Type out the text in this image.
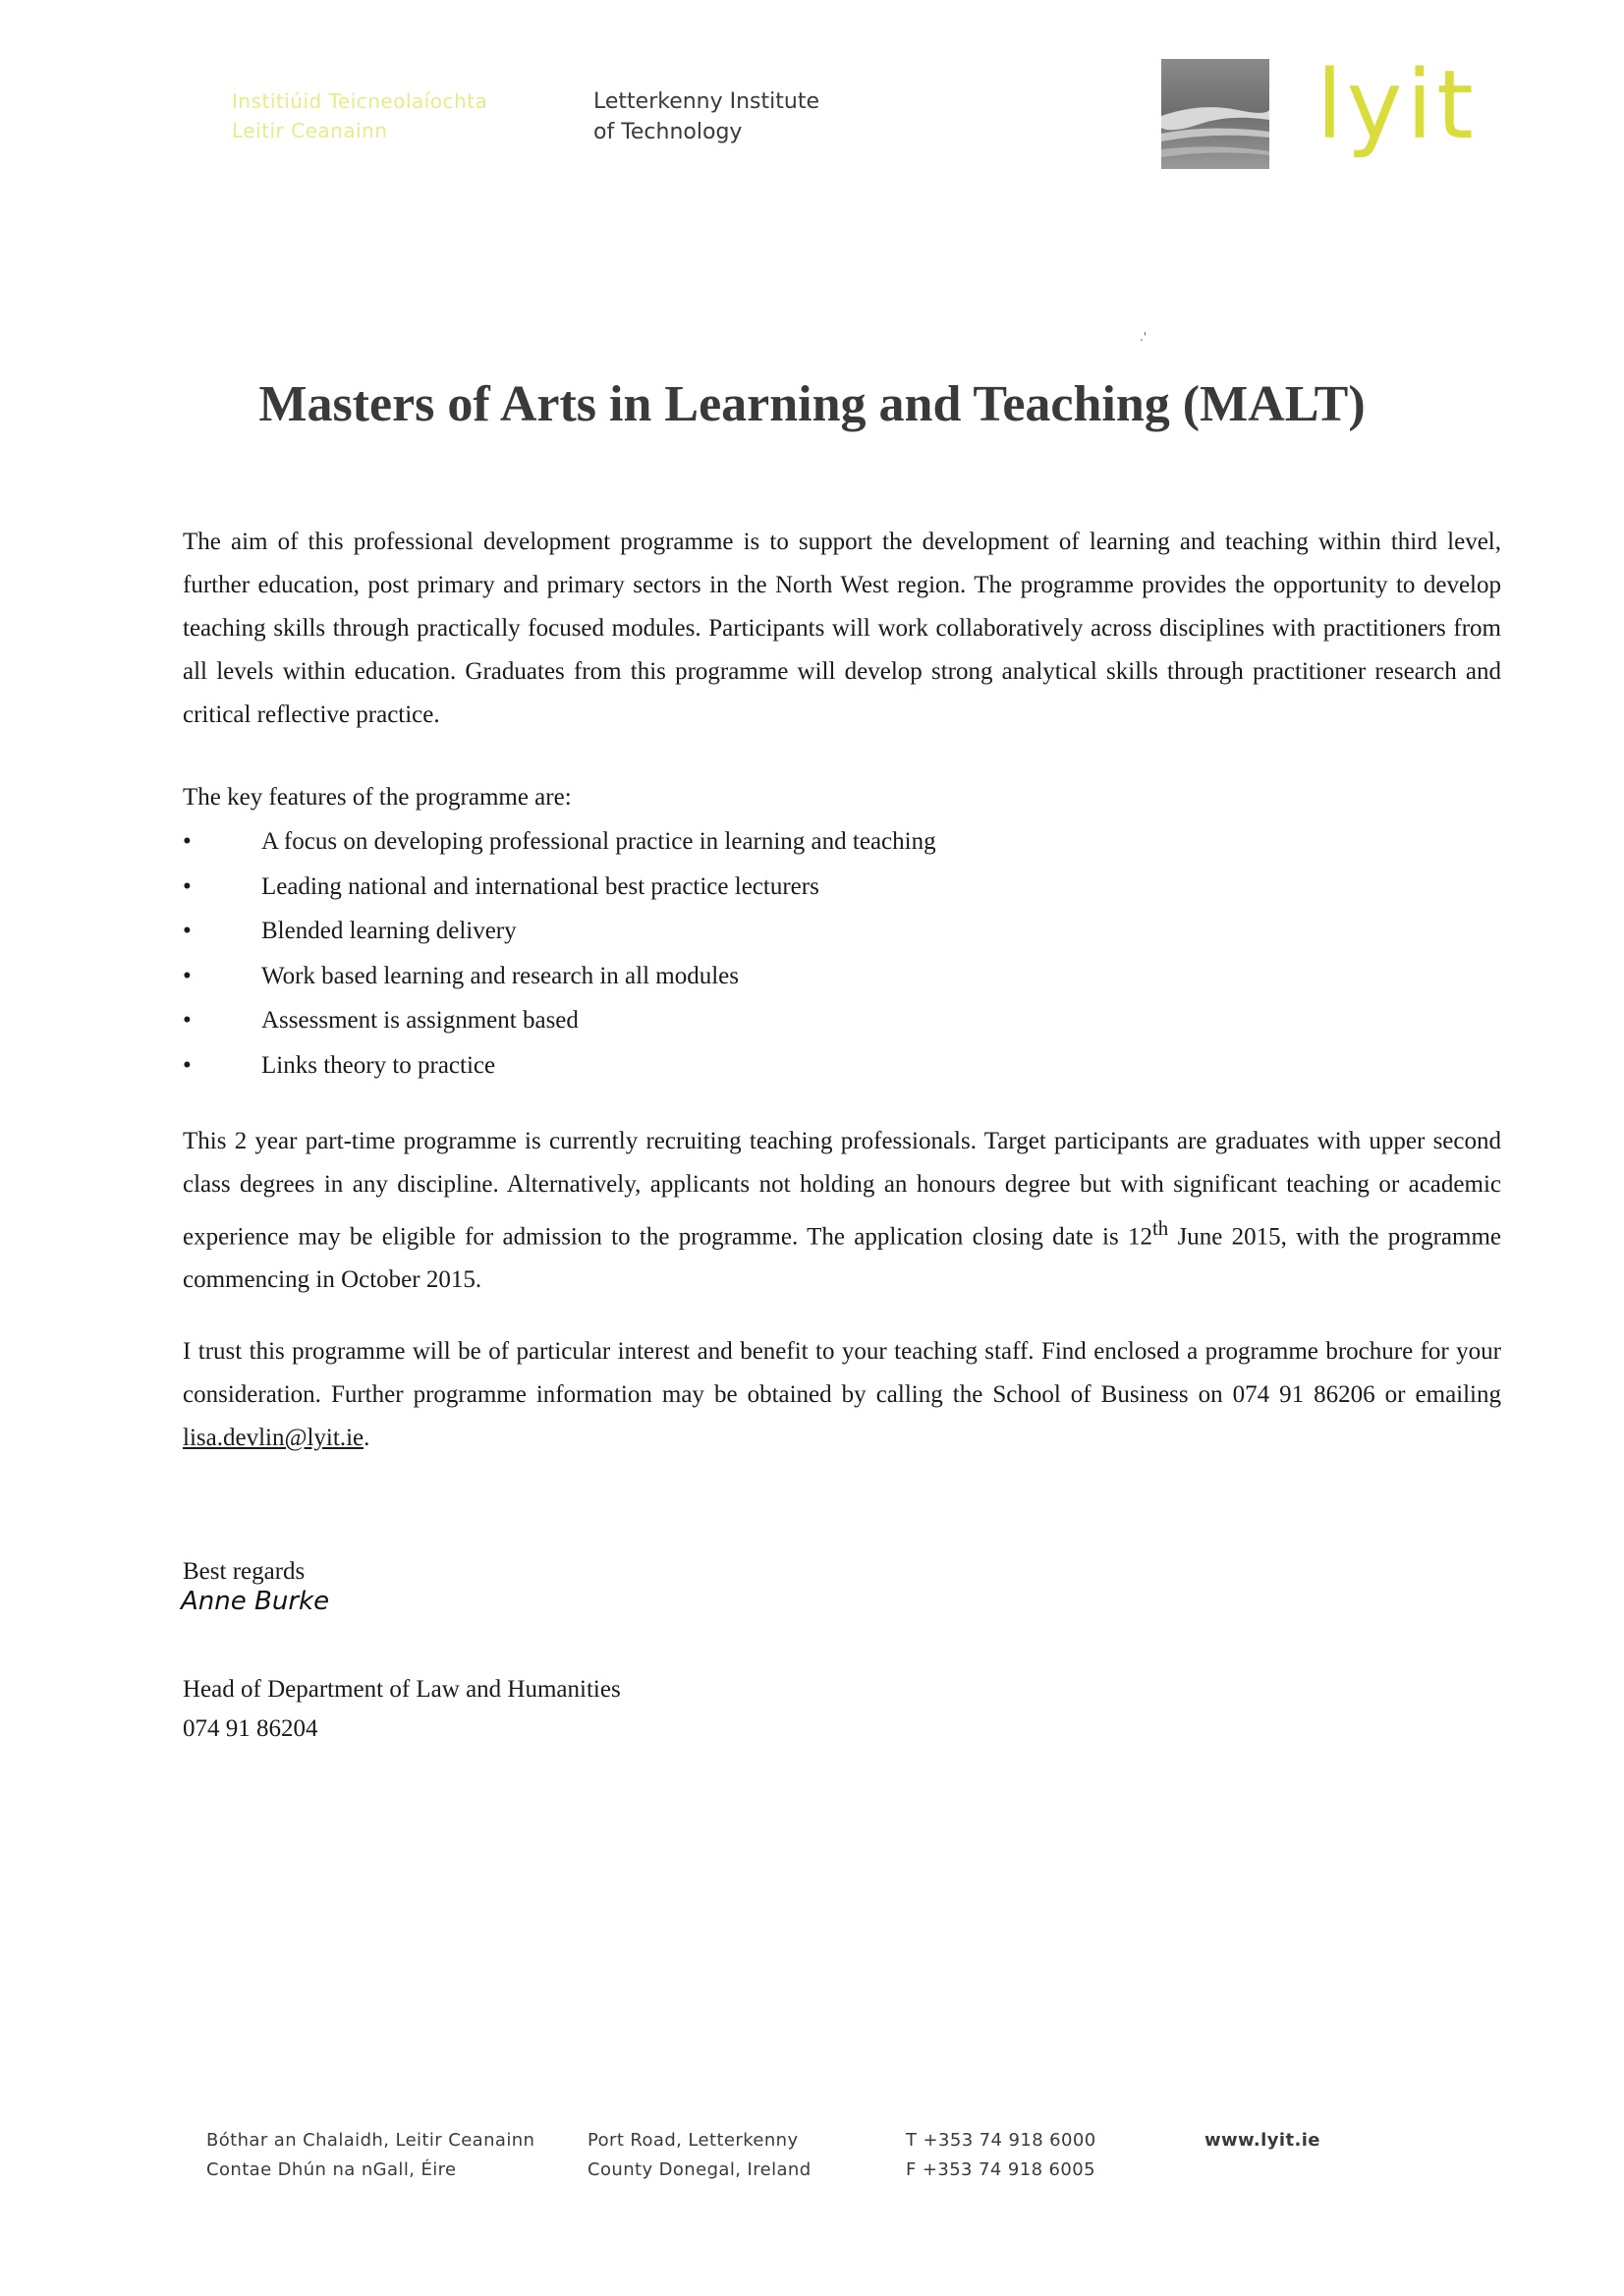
Institiúid Teicneolaíochta
Leitir Ceanainn
Letterkenny Institute
of Technology	lyit
.'
Masters of Arts in Learning and Teaching (MALT)
The aim of this professional development programme is to support the development of learning and teaching within third level, further education, post primary and primary sectors in the North West region. The programme provides the opportunity to develop teaching skills through practically focused modules. Participants will work collaboratively across disciplines with practitioners from all levels within education. Graduates from this programme will develop strong analytical skills through practitioner research and critical reflective practice.
The key features of the programme are:
•	A focus on developing professional practice in learning and teaching
•	Leading national and international best practice lecturers
•	Blended learning delivery
•	Work based learning and research in all modules
•	Assessment is assignment based
•	Links theory to practice
This 2 year part-time programme is currently recruiting teaching professionals. Target participants are graduates with upper second class degrees in any discipline. Alternatively, applicants not holding an honours degree but with significant teaching or academic experience may be eligible for admission to the programme. The application closing date is 12th June 2015, with the programme commencing in October 2015.
I trust this programme will be of particular interest and benefit to your teaching staff. Find enclosed a programme brochure for your consideration. Further programme information may be obtained by calling the School of Business on 074 91 86206 or emailing lisa.devlin@lyit.ie.
Best regards
Anne Burke
Head of Department of Law and Humanities
074 91 86204
Bóthar an Chalaidh, Leitir Ceanainn
Contae Dhún na nGall, Éire
Port Road, Letterkenny
County Donegal, Ireland
T +353 74 918 6000
F +353 74 918 6005
www.lyit.ie
